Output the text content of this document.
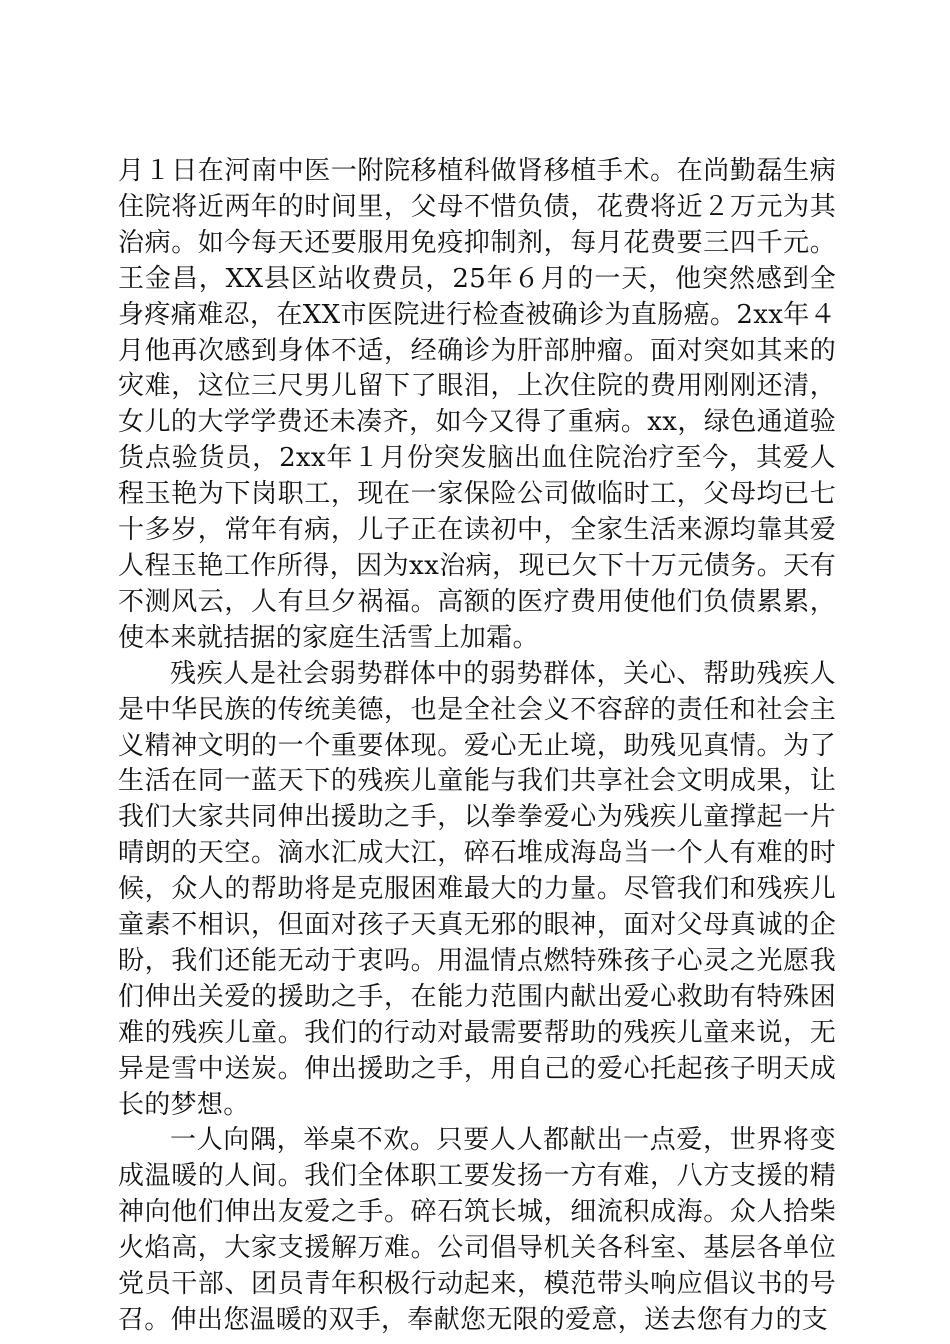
月１日在河南中医一附院移植科做肾移植手术。在尚勤磊生病住院将近两年的时间里，父母不惜负债，花费将近２万元为其治病。如今每天还要服用免疫抑制剂，每月花费要三四千元。王金昌，XX县区站收费员，25年６月的一天，他突然感到全身疼痛难忍，在XX市医院进行检查被确诊为直肠癌。2xx年４月他再次感到身体不适，经确诊为肝部肿瘤。面对突如其来的灾难，这位三尺男儿留下了眼泪，上次住院的费用刚刚还清，女儿的大学学费还未凑齐，如今又得了重病。xx，绿色通道验货点验货员，2xx年１月份突发脑出血住院治疗至今，其爱人程玉艳为下岗职工，现在一家保险公司做临时工，父母均已七十多岁，常年有病，儿子正在读初中，全家生活来源均靠其爱人程玉艳工作所得，因为xx治病，现已欠下十万元债务。天有不测风云，人有旦夕祸福。高额的医疗费用使他们负债累累，使本来就拮据的家庭生活雪上加霜。

残疾人是社会弱势群体中的弱势群体，关心、帮助残疾人是中华民族的传统美德，也是全社会义不容辞的责任和社会主义精神文明的一个重要体现。爱心无止境，助残见真情。为了生活在同一蓝天下的残疾儿童能与我们共享社会文明成果，让我们大家共同伸出援助之手，以拳拳爱心为残疾儿童撑起一片晴朗的天空。滴水汇成大江，碎石堆成海岛当一个人有难的时候，众人的帮助将是克服困难最大的力量。尽管我们和残疾儿童素不相识，但面对孩子天真无邪的眼神，面对父母真诚的企盼，我们还能无动于衷吗。用温情点燃特殊孩子心灵之光愿我们伸出关爱的援助之手，在能力范围内献出爱心救助有特殊困难的残疾儿童。我们的行动对最需要帮助的残疾儿童来说，无异是雪中送炭。伸出援助之手，用自己的爱心托起孩子明天成长的梦想。

一人向隅，举桌不欢。只要人人都献出一点爱，世界将变成温暖的人间。我们全体职工要发扬一方有难，八方支援的精神向他们伸出友爱之手。碎石筑长城，细流积成海。众人拾柴火焰高，大家支援解万难。公司倡导机关各科室、基层各单位党员干部、团员青年积极行动起来，模范带头响应倡议书的号召。伸出您温暖的双手，奉献您无限的爱意，送去您有力的支
